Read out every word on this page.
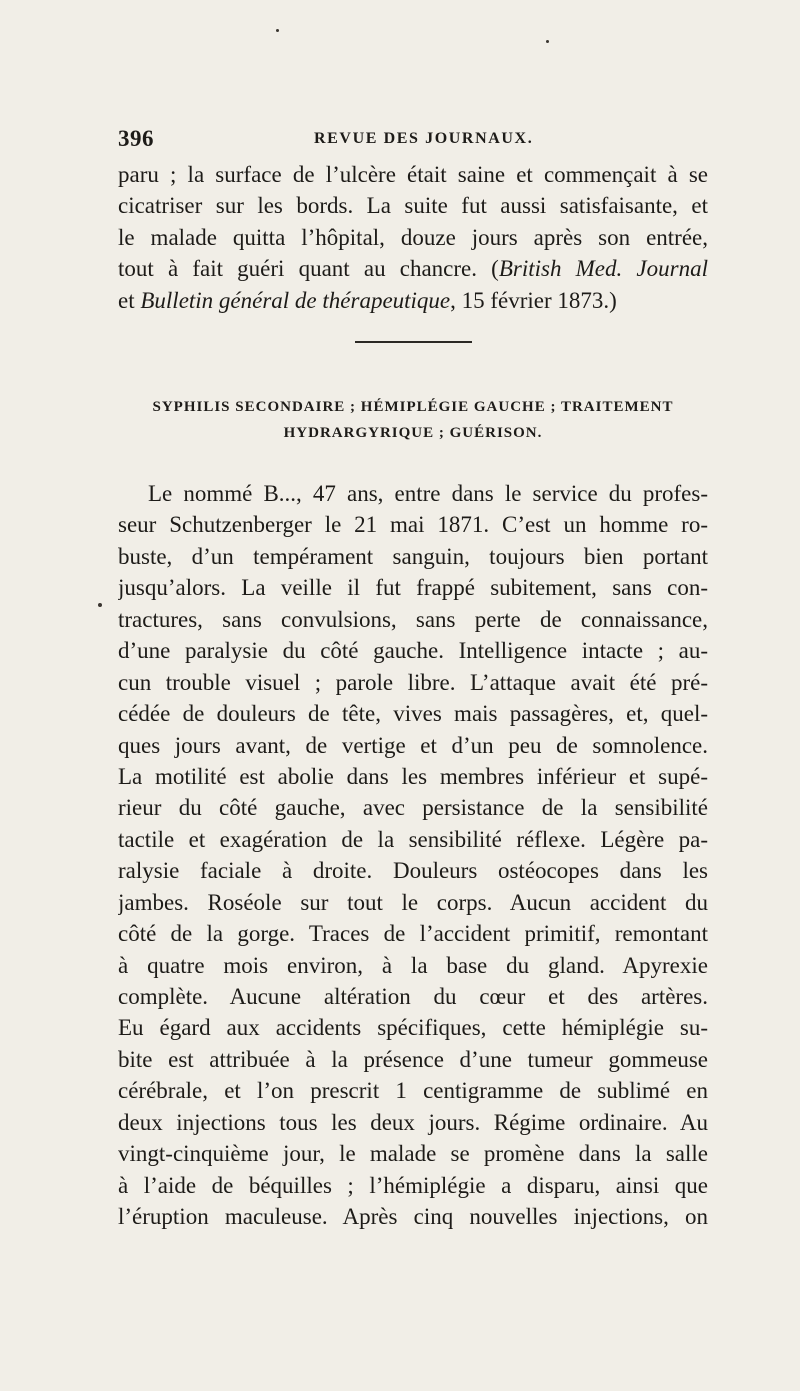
396	REVUE DES JOURNAUX.
paru ; la surface de l’ulcère était saine et commençait à se
cicatriser sur les bords. La suite fut aussi satisfaisante, et
le malade quitta l’hôpital, douze jours après son entrée,
tout à fait guéri quant au chancre. (British Med. Journal
et Bulletin général de thérapeutique, 15 février 1873.)
SYPHILIS SECONDAIRE ; HÉMIPLÉGIE GAUCHE ; TRAITEMENT
HYDRARGYRIQUE ; GUÉRISON.
Le nommé B..., 47 ans, entre dans le service du profes-
seur Schutzenberger le 21 mai 1871. C’est un homme ro-
buste, d’un tempérament sanguin, toujours bien portant
jusqu’alors. La veille il fut frappé subitement, sans con-
tractures, sans convulsions, sans perte de connaissance,
d’une paralysie du côté gauche. Intelligence intacte ; au-
cun trouble visuel ; parole libre. L’attaque avait été pré-
cédée de douleurs de tête, vives mais passagères, et, quel-
ques jours avant, de vertige et d’un peu de somnolence.
La motilité est abolie dans les membres inférieur et supé-
rieur du côté gauche, avec persistance de la sensibilité
tactile et exagération de la sensibilité réflexe. Légère pa-
ralysie faciale à droite. Douleurs ostéocopes dans les
jambes. Roséole sur tout le corps. Aucun accident du
côté de la gorge. Traces de l’accident primitif, remontant
à quatre mois environ, à la base du gland. Apyrexie
complète. Aucune altération du cœur et des artères.
Eu égard aux accidents spécifiques, cette hémiplégie su-
bite est attribuée à la présence d’une tumeur gommeuse
cérébrale, et l’on prescrit 1 centigramme de sublimé en
deux injections tous les deux jours. Régime ordinaire. Au
vingt-cinquième jour, le malade se promène dans la salle
à l’aide de béquilles ; l’hémiplégie a disparu, ainsi que
l’éruption maculeuse. Après cinq nouvelles injections, on
